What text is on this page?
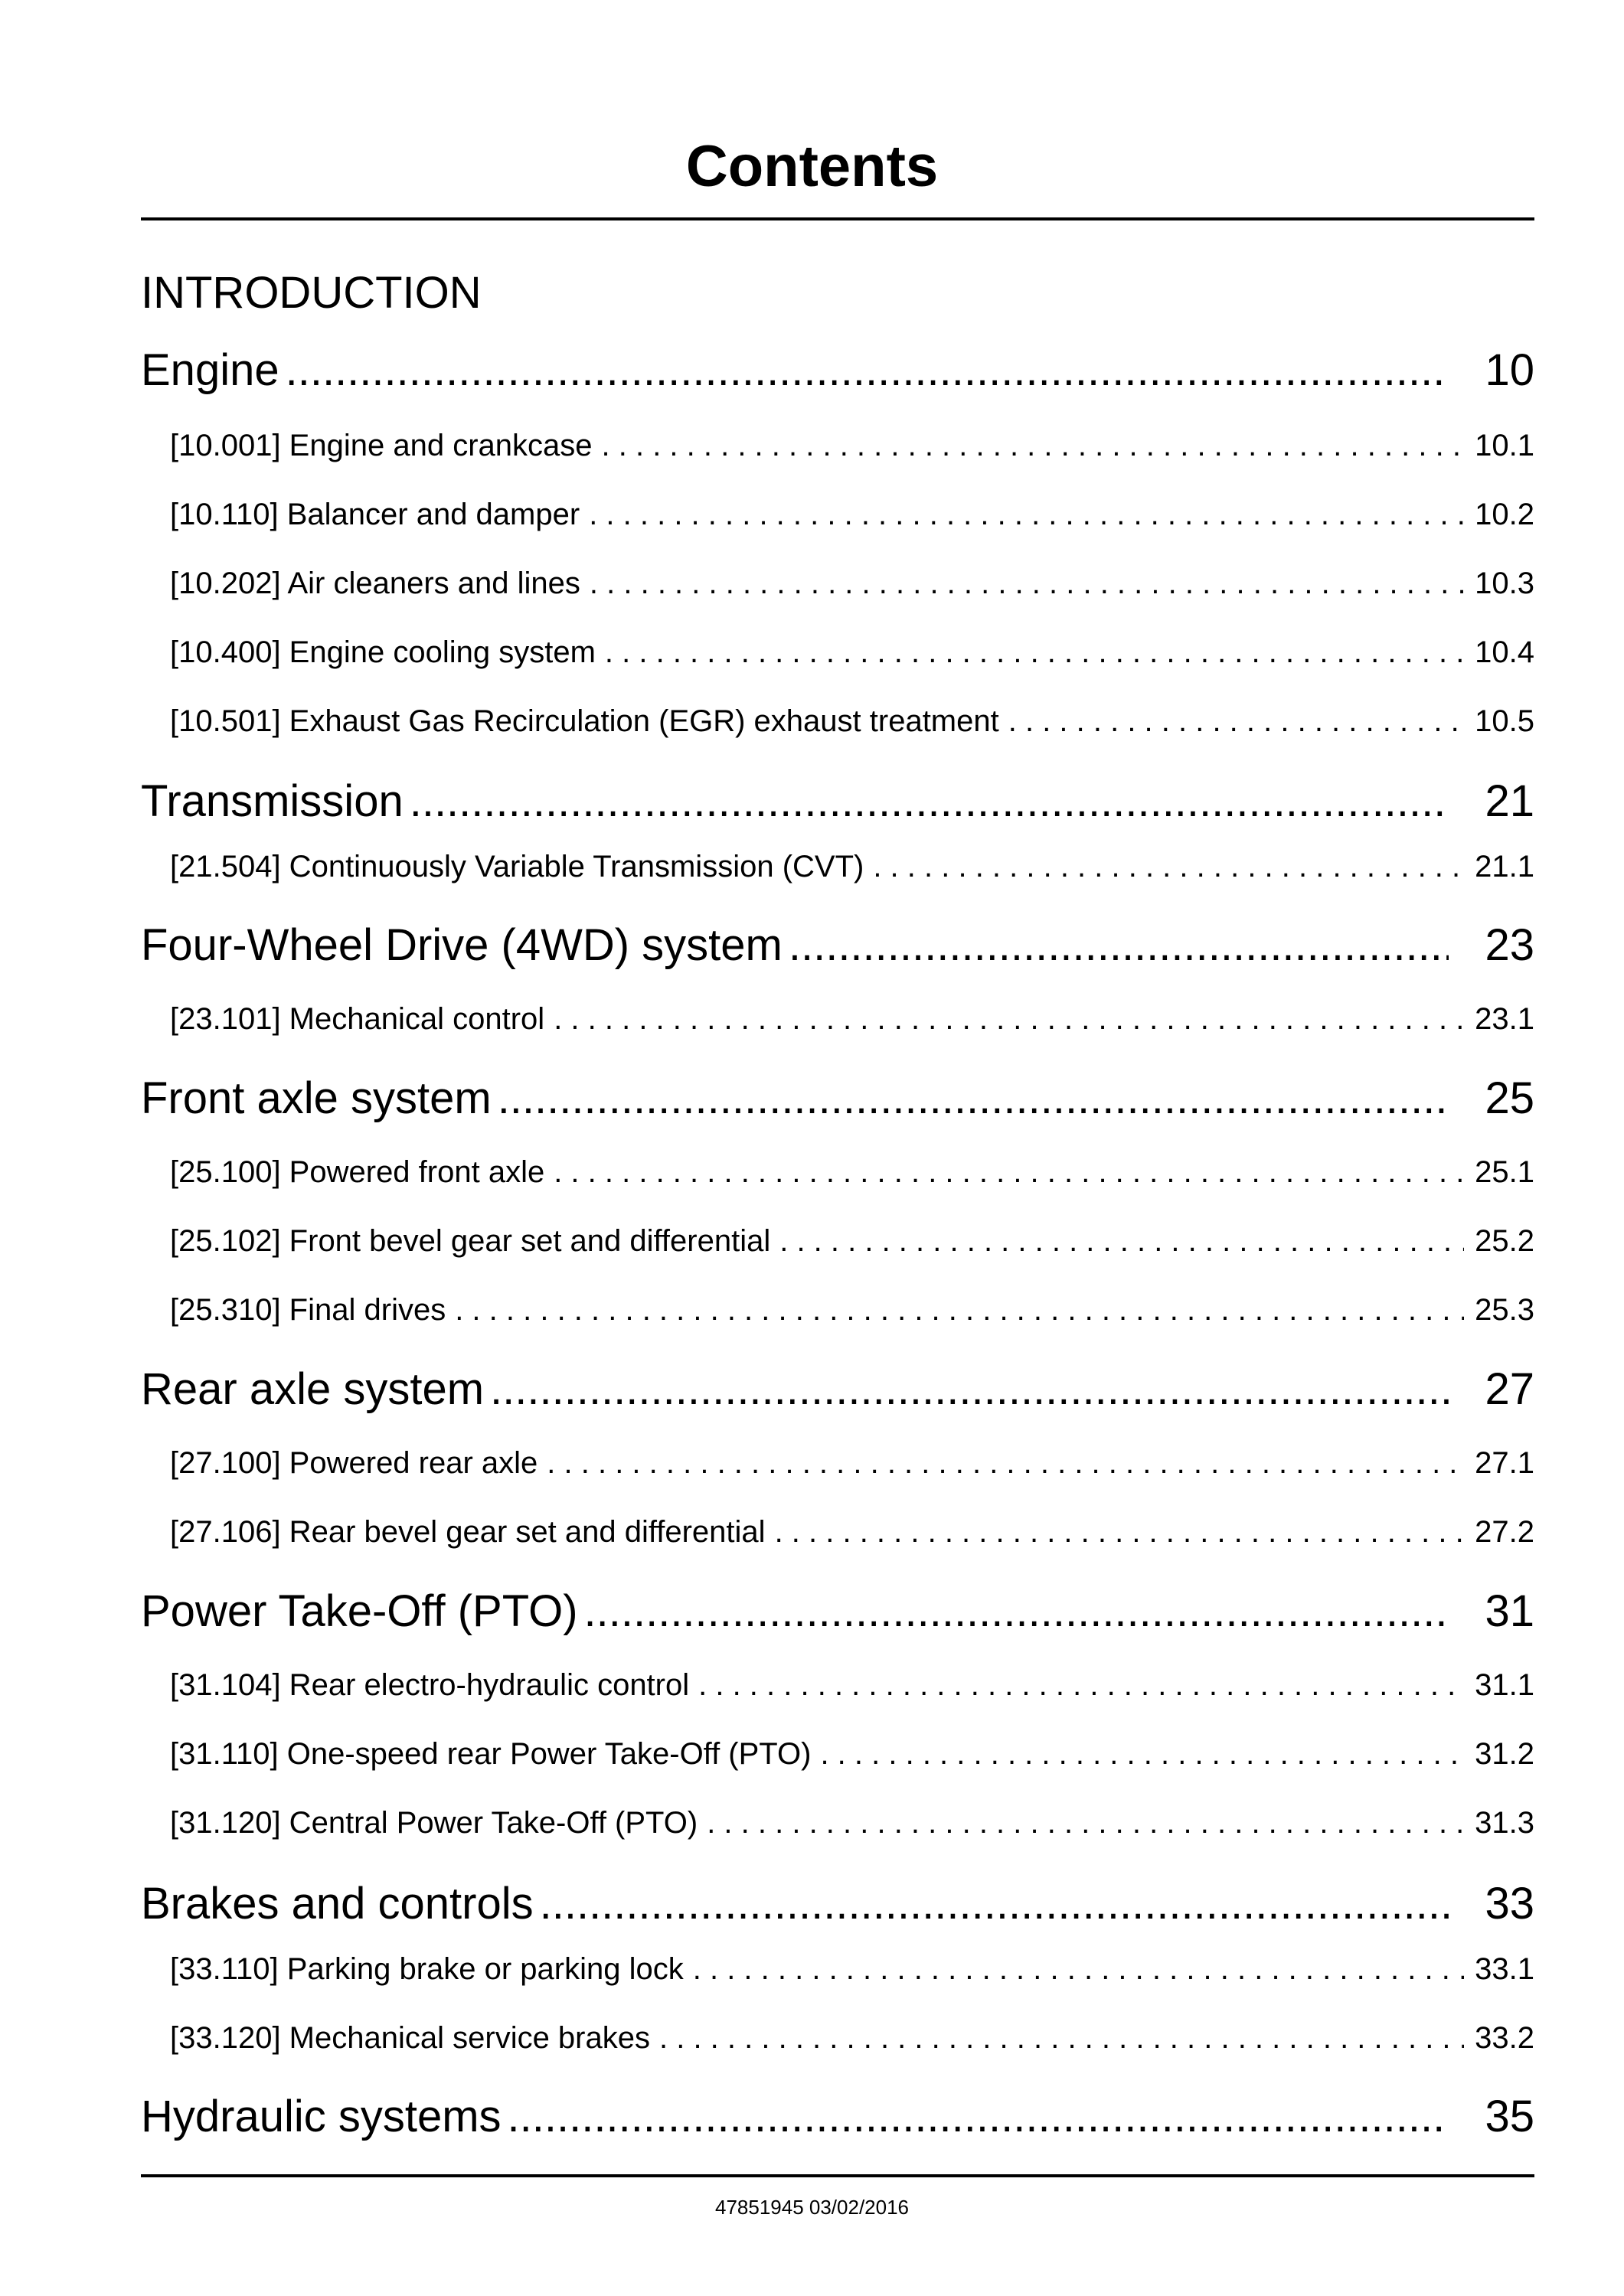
Contents
INTRODUCTION
Engine .....	10
[10.001] Engine and crankcase . . .	10.1
[10.110] Balancer and damper . . .	10.2
[10.202] Air cleaners and lines . . .	10.3
[10.400] Engine cooling system . . .	10.4
[10.501] Exhaust Gas Recirculation (EGR) exhaust treatment . . .	10.5
Transmission .....	21
[21.504] Continuously Variable Transmission (CVT) . . .	21.1
Four-Wheel Drive (4WD) system .....	23
[23.101] Mechanical control . . .	23.1
Front axle system .....	25
[25.100] Powered front axle . . .	25.1
[25.102] Front bevel gear set and differential . . .	25.2
[25.310] Final drives . . .	25.3
Rear axle system .....	27
[27.100] Powered rear axle . . .	27.1
[27.106] Rear bevel gear set and differential . . .	27.2
Power Take-Off (PTO) .....	31
[31.104] Rear electro-hydraulic control . . .	31.1
[31.110] One-speed rear Power Take-Off (PTO) . . .	31.2
[31.120] Central Power Take-Off (PTO) . . .	31.3
Brakes and controls .....	33
[33.110] Parking brake or parking lock . . .	33.1
[33.120] Mechanical service brakes . . .	33.2
Hydraulic systems .....	35
47851945 03/02/2016
